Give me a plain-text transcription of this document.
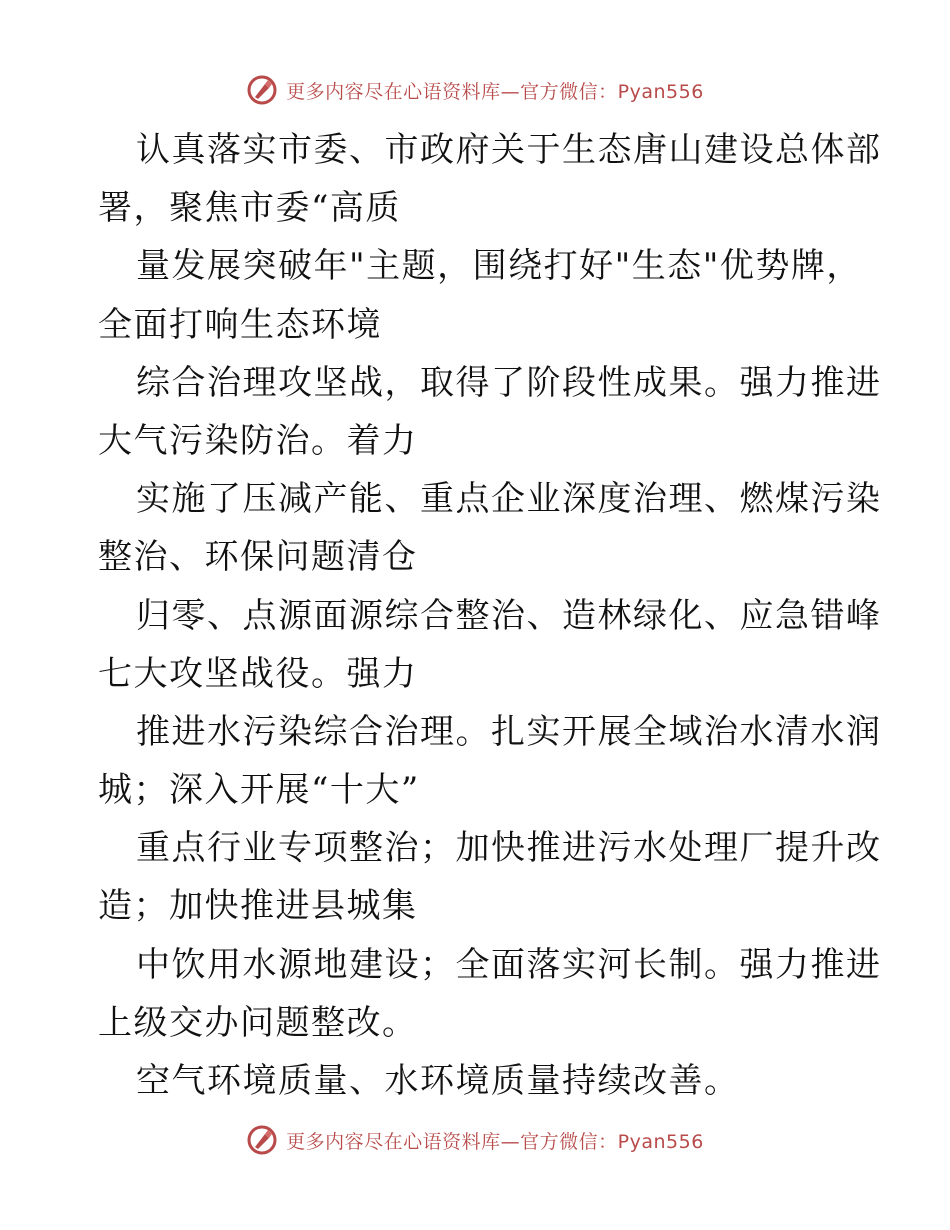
更多内容尽在心语资料库—官方微信：Pyan556
认真落实市委、市政府关于生态唐山建设总体部
署，聚焦市委“高质
量发展突破年"主题，围绕打好"生态"优势牌，
全面打响生态环境
综合治理攻坚战，取得了阶段性成果。强力推进
大气污染防治。着力
实施了压减产能、重点企业深度治理、燃煤污染
整治、环保问题清仓
归零、点源面源综合整治、造林绿化、应急错峰
七大攻坚战役。强力
推进水污染综合治理。扎实开展全域治水清水润
城；深入开展“十大”
重点行业专项整治；加快推进污水处理厂提升改
造；加快推进县城集
中饮用水源地建设；全面落实河长制。强力推进
上级交办问题整改。
空气环境质量、水环境质量持续改善。
更多内容尽在心语资料库—官方微信：Pyan556
